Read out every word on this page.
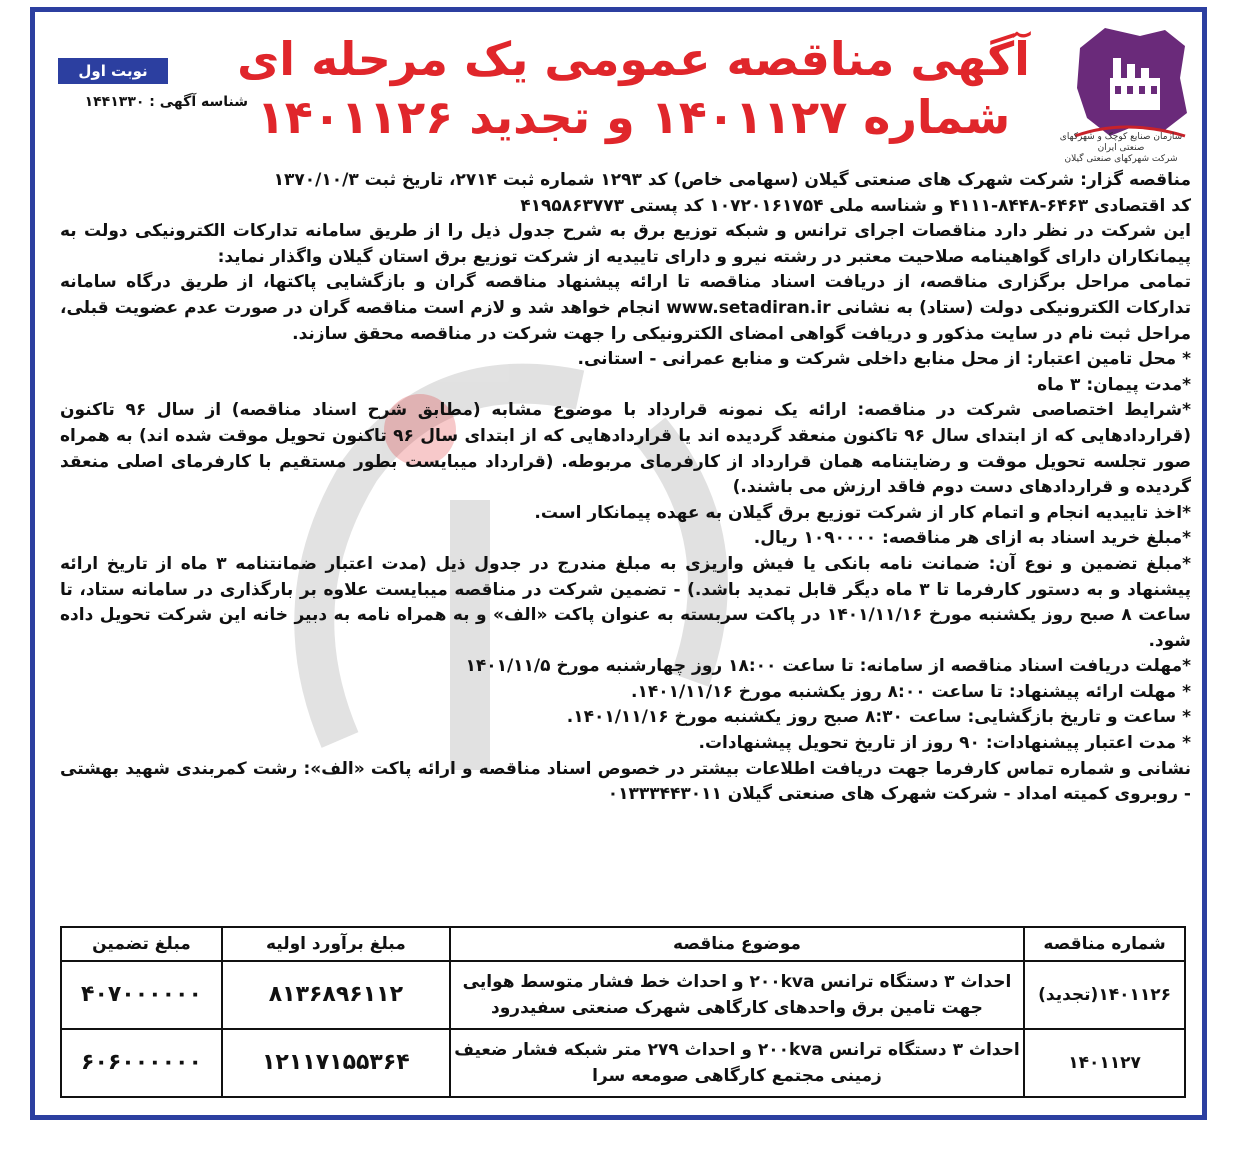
سازمان صنایع کوچک و شهرکهای صنعتی ایران
شرکت شهرکهای صنعتی گیلان
آگهی مناقصه عمومی یک مرحله ای
شماره ۱۴۰۱۱۲۷ و تجدید ۱۴۰۱۱۲۶
نوبت اول
شناسه آگهی : ۱۴۴۱۳۳۰

مناقصه گزار: شرکت شهرک های صنعتی گیلان (سهامی خاص) کد ۱۲۹۳ شماره ثبت ۲۷۱۴، تاریخ ثبت ۱۳۷۰/۱۰/۳

کد اقتصادی ۶۴۶۳-۸۴۴۸-۴۱۱۱ و شناسه ملی ۱۰۷۲۰۱۶۱۷۵۴ کد پستی ۴۱۹۵۸۶۳۷۷۳

این شرکت در نظر دارد مناقصات اجرای ترانس و شبکه توزیع برق به شرح جدول ذیل را از طریق سامانه تدارکات الکترونیکی دولت به پیمانکاران دارای گواهینامه صلاحیت معتبر در رشته نیرو و دارای تاییدیه از شرکت توزیع برق استان گیلان واگذار نماید:

تمامی مراحل برگزاری مناقصه، از دریافت اسناد مناقصه تا ارائه پیشنهاد مناقصه گران و بازگشایی پاکتها، از طریق درگاه سامانه تدارکات الکترونیکی دولت (ستاد) به نشانی www.setadiran.ir انجام خواهد شد و لازم است مناقصه گران در صورت عدم عضویت قبلی، مراحل ثبت نام در سایت مذکور و دریافت گواهی امضای الکترونیکی را جهت شرکت در مناقصه محقق سازند.

* محل تامین اعتبار: از محل منابع داخلی شرکت و منابع عمرانی - استانی.

*مدت پیمان: ۳ ماه

*شرایط اختصاصی شرکت در مناقصه: ارائه یک نمونه قرارداد با موضوع مشابه (مطابق شرح اسناد مناقصه) از سال ۹۶ تاکنون (قراردادهایی که از ابتدای سال ۹۶ تاکنون منعقد گردیده اند یا قراردادهایی که از ابتدای سال ۹۶ تاکنون تحویل موقت شده اند) به همراه صور تجلسه تحویل موقت و رضایتنامه همان قرارداد از کارفرمای مربوطه. (قرارداد میبایست بطور مستقیم با کارفرمای اصلی منعقد گردیده و قراردادهای دست دوم فاقد ارزش می باشند.)

*اخذ تاییدیه انجام و اتمام کار از شرکت توزیع برق گیلان به عهده پیمانکار است.

*مبلغ خرید اسناد به ازای هر مناقصه: ۱۰۹۰۰۰۰ ریال.

*مبلغ تضمین و نوع آن: ضمانت نامه بانکی یا فیش واریزی به مبلغ مندرج در جدول ذیل (مدت اعتبار ضمانتنامه ۳ ماه از تاریخ ارائه پیشنهاد و به دستور کارفرما تا ۳ ماه دیگر قابل تمدید باشد.) - تضمین شرکت در مناقصه میبایست علاوه بر بارگذاری در سامانه ستاد، تا ساعت ۸ صبح روز یکشنبه مورخ ۱۴۰۱/۱۱/۱۶ در پاکت سربسته به عنوان پاکت «الف» و به همراه نامه به دبیر خانه این شرکت تحویل داده شود.

*مهلت دریافت اسناد مناقصه از سامانه: تا ساعت ۱۸:۰۰ روز چهارشنبه مورخ ۱۴۰۱/۱۱/۵

* مهلت ارائه پیشنهاد: تا ساعت ۸:۰۰ روز یکشنبه مورخ ۱۴۰۱/۱۱/۱۶.

* ساعت و تاریخ بازگشایی: ساعت ۸:۳۰ صبح روز یکشنبه مورخ ۱۴۰۱/۱۱/۱۶.

* مدت اعتبار پیشنهادات: ۹۰ روز از تاریخ تحویل پیشنهادات.

نشانی و شماره تماس کارفرما جهت دریافت اطلاعات بیشتر در خصوص اسناد مناقصه و ارائه پاکت «الف»: رشت کمربندی شهید بهشتی - روبروی کمیته امداد - شرکت شهرک های صنعتی گیلان ۰۱۳۳۳۴۴۳۰۱۱

شماره مناقصه	موضوع مناقصه	مبلغ برآورد اولیه	مبلغ تضمین
۱۴۰۱۱۲۶(تجدید)	احداث ۳ دستگاه ترانس ۲۰۰kva و احداث خط فشار متوسط هوایی جهت تامین برق واحدهای کارگاهی شهرک صنعتی سفیدرود	۸۱۳۶۸۹۶۱۱۲	۴۰۷۰۰۰۰۰۰
۱۴۰۱۱۲۷	احداث ۳ دستگاه ترانس ۲۰۰kva و احداث ۲۷۹ متر شبکه فشار ضعیف زمینی مجتمع کارگاهی صومعه سرا	۱۲۱۱۷۱۵۵۳۶۴	۶۰۶۰۰۰۰۰۰
